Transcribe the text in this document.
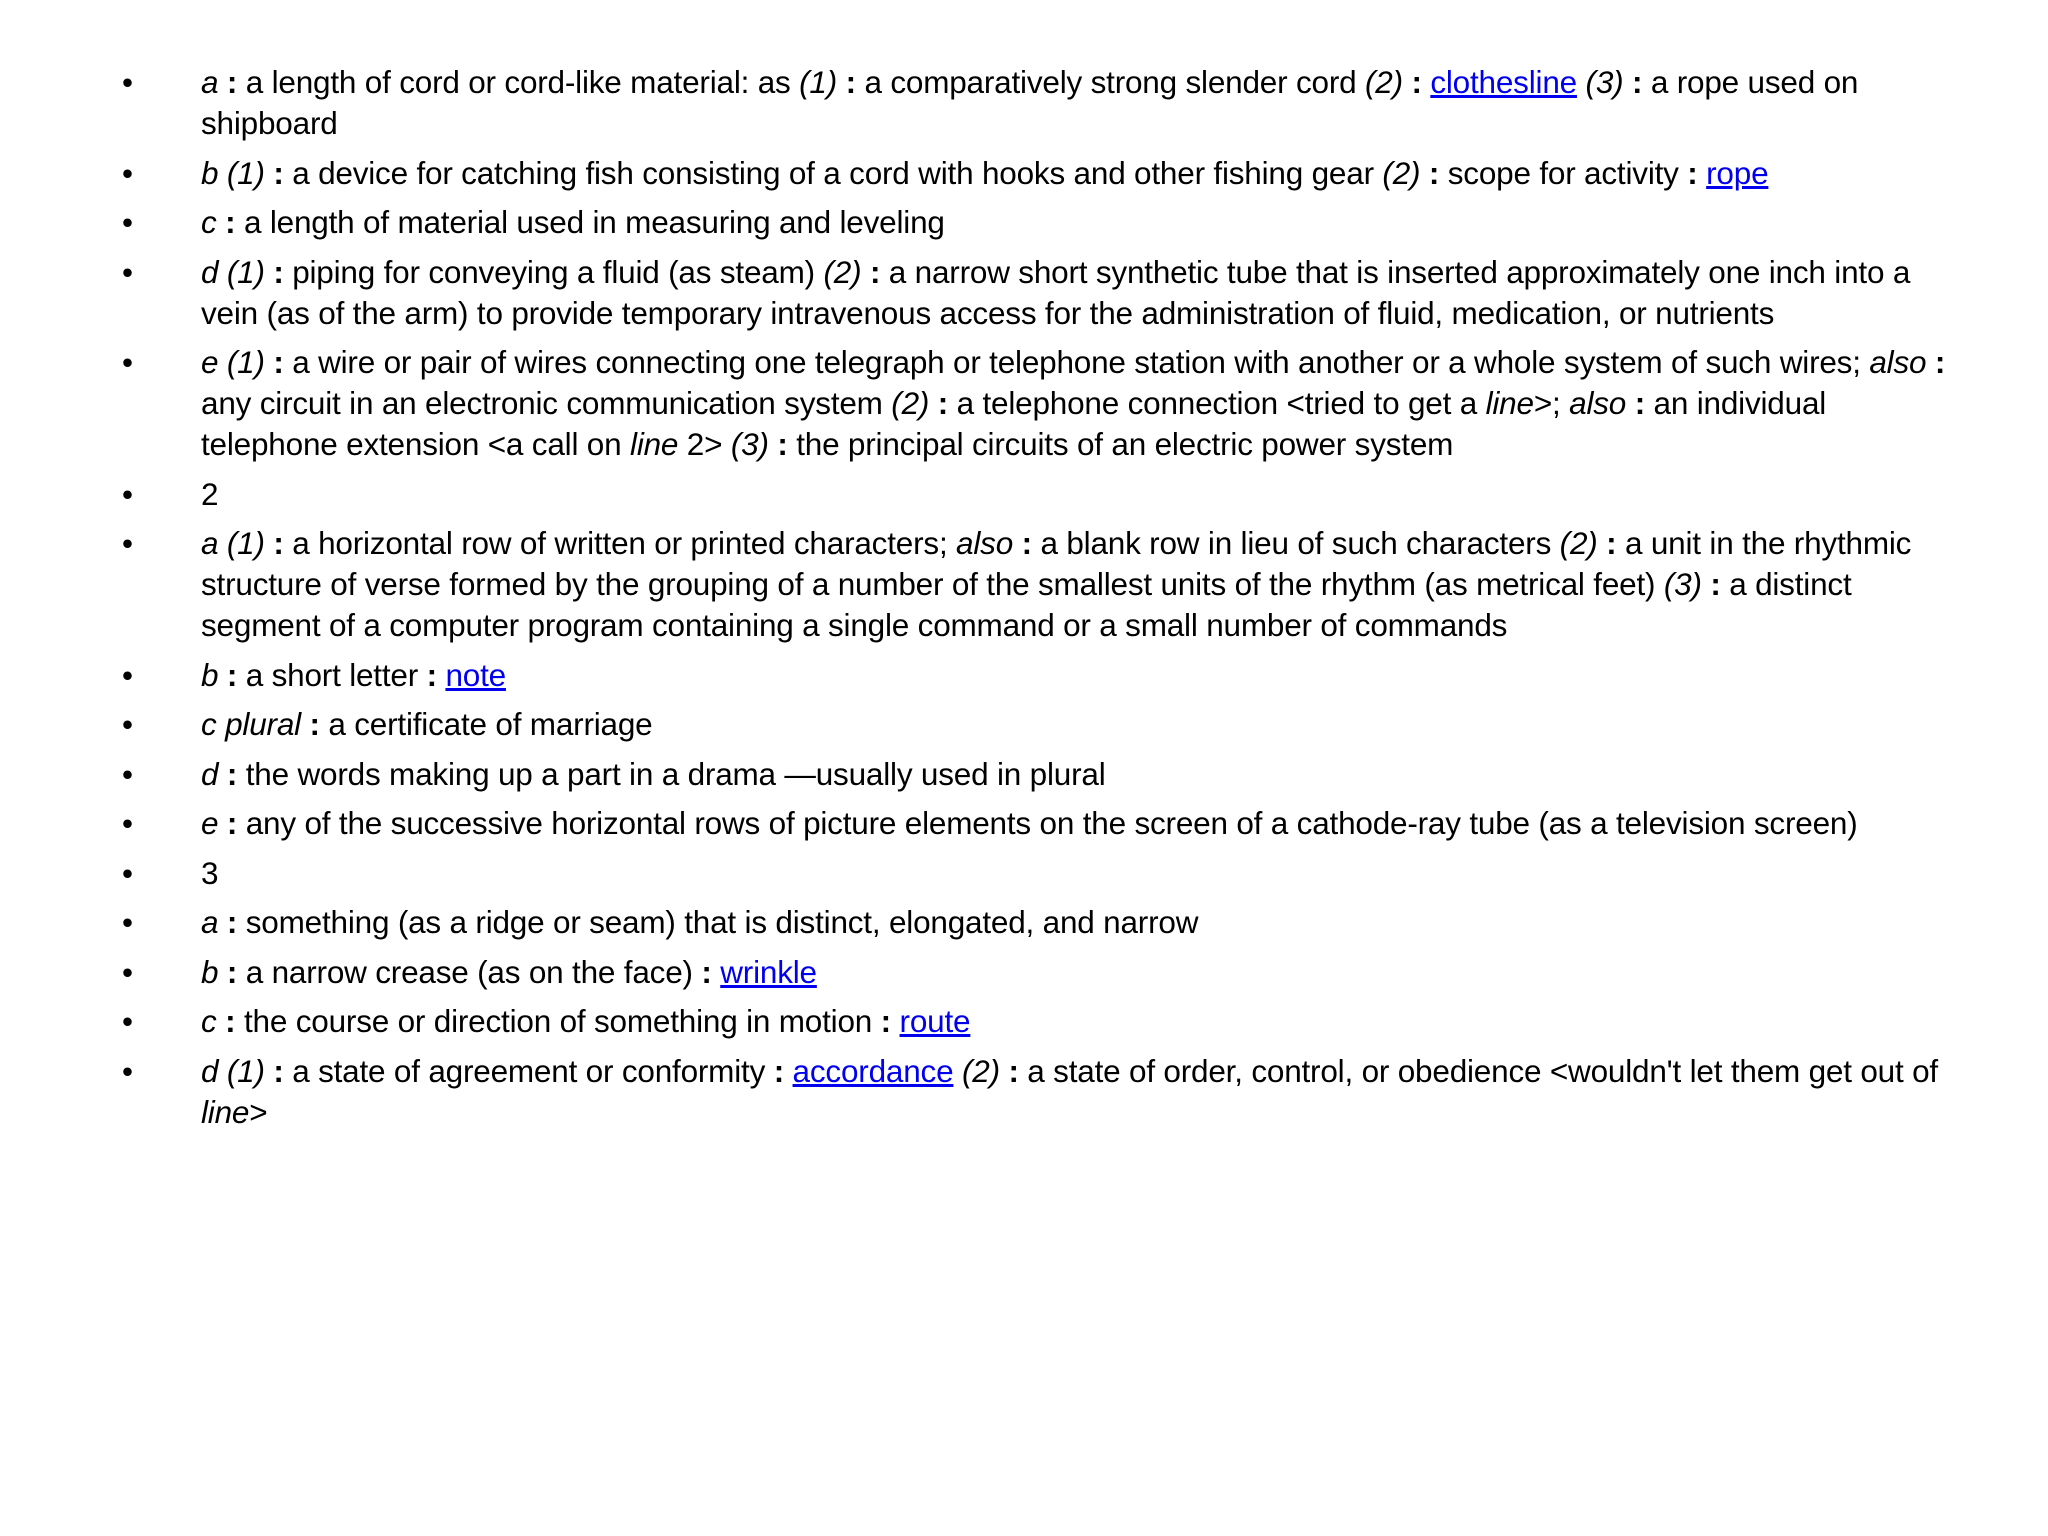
• a : a length of cord or cord-like material: as (1) : a comparatively strong slender cord (2) : clothesline (3) : a rope used on shipboard
• b (1) : a device for catching fish consisting of a cord with hooks and other fishing gear (2) : scope for activity : rope
• c : a length of material used in measuring and leveling
• d (1) : piping for conveying a fluid (as steam) (2) : a narrow short synthetic tube that is inserted approximately one inch into a vein (as of the arm) to provide temporary intravenous access for the administration of fluid, medication, or nutrients
• e (1) : a wire or pair of wires connecting one telegraph or telephone station with another or a whole system of such wires; also : any circuit in an electronic communication system (2) : a telephone connection <tried to get a line>; also : an individual telephone extension <a call on line 2> (3) : the principal circuits of an electric power system
• 2
• a (1) : a horizontal row of written or printed characters; also : a blank row in lieu of such characters (2) : a unit in the rhythmic structure of verse formed by the grouping of a number of the smallest units of the rhythm (as metrical feet) (3) : a distinct segment of a computer program containing a single command or a small number of commands
• b : a short letter : note
• c plural : a certificate of marriage
• d : the words making up a part in a drama —usually used in plural
• e : any of the successive horizontal rows of picture elements on the screen of a cathode-ray tube (as a television screen)
• 3
• a : something (as a ridge or seam) that is distinct, elongated, and narrow
• b : a narrow crease (as on the face) : wrinkle
• c : the course or direction of something in motion : route
• d (1) : a state of agreement or conformity : accordance (2) : a state of order, control, or obedience <wouldn't let them get out of line>
